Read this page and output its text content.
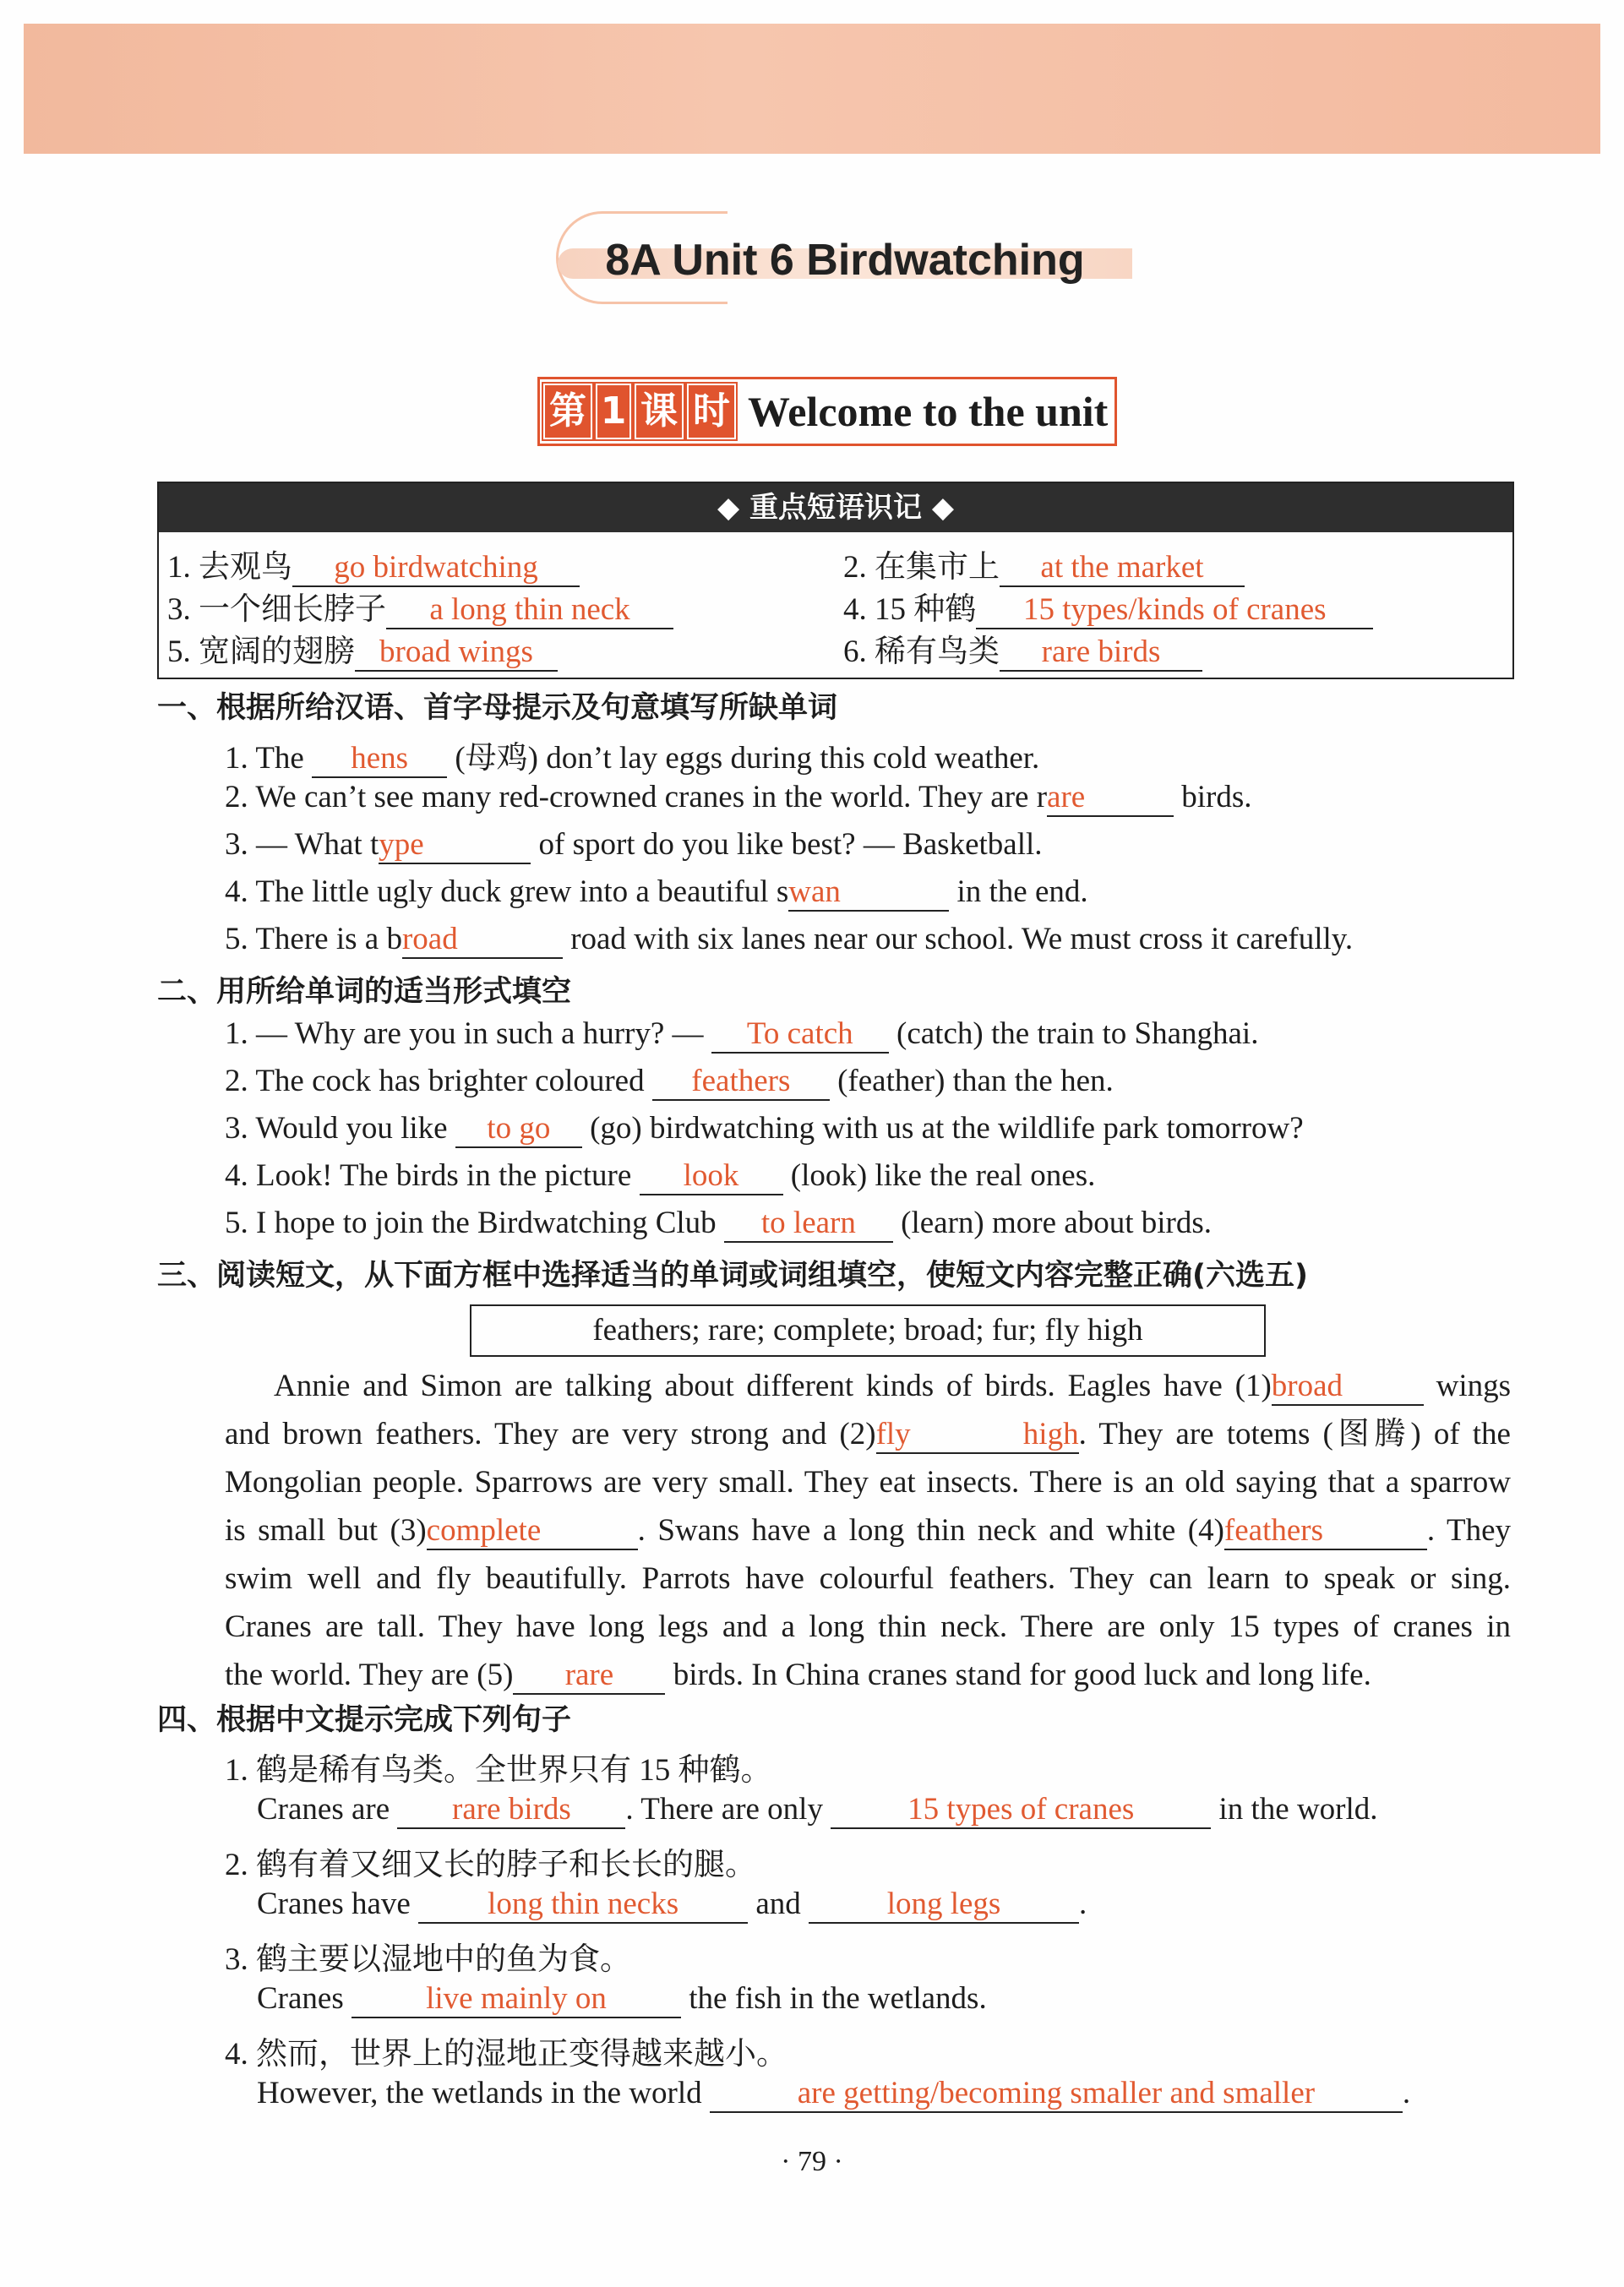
8A Unit 6 Birdwatching
第 1 课 时 Welcome to the unit
◆ 重点短语识记 ◆
1. 去观鸟 go birdwatching	2. 在集市上 at the market
3. 一个细长脖子 a long thin neck	4. 15 种鹤 15 types/kinds of cranes
5. 宽阔的翅膀 broad wings	6. 稀有鸟类 rare birds
一、根据所给汉语、首字母提示及句意填写所缺单词
1. The hens (母鸡) don’t lay eggs during this cold weather.
2. We can’t see many red-crowned cranes in the world. They are rare	birds.
3. — What type	of sport do you like best? — Basketball.
4. The little ugly duck grew into a beautiful swan	in the end.
5. There is a broad	road with six lanes near our school. We must cross it carefully.
二、用所给单词的适当形式填空
1. — Why are you in such a hurry? — To catch (catch) the train to Shanghai.
2. The cock has brighter coloured feathers (feather) than the hen.
3. Would you like to go (go) birdwatching with us at the wildlife park tomorrow?
4. Look! The birds in the picture look (look) like the real ones.
5. I hope to join the Birdwatching Club to learn (learn) more about birds.
三、阅读短文，从下面方框中选择适当的单词或词组填空，使短文内容完整正确(六选五)
feathers; rare; complete; broad; fur; fly high
Annie and Simon are talking about different kinds of birds. Eagles have (1)broad	wings
and brown feathers. They are very strong and (2)fly high. They are totems (图腾) of the
Mongolian people. Sparrows are very small. They eat insects. There is an old saying that a sparrow
is small but (3)complete	. Swans have a long thin neck and white (4)feathers	. They
swim well and fly beautifully. Parrots have colourful feathers. They can learn to speak or sing.
Cranes are tall. They have long legs and a long thin neck. There are only 15 types of cranes in
the world. They are (5) rare birds. In China cranes stand for good luck and long life.
四、根据中文提示完成下列句子
1. 鹤是稀有鸟类。全世界只有 15 种鹤。
Cranes are rare birds . There are only	15 types of cranes	in the world.
2. 鹤有着又细又长的脖子和长长的腿。
Cranes have long thin necks and	long legs	.
3. 鹤主要以湿地中的鱼为食。
Cranes	live mainly on	the fish in the wetlands.
4. 然而，世界上的湿地正变得越来越小。
However, the wetlands in the world	are getting/becoming smaller and smaller	.
· 79 ·
